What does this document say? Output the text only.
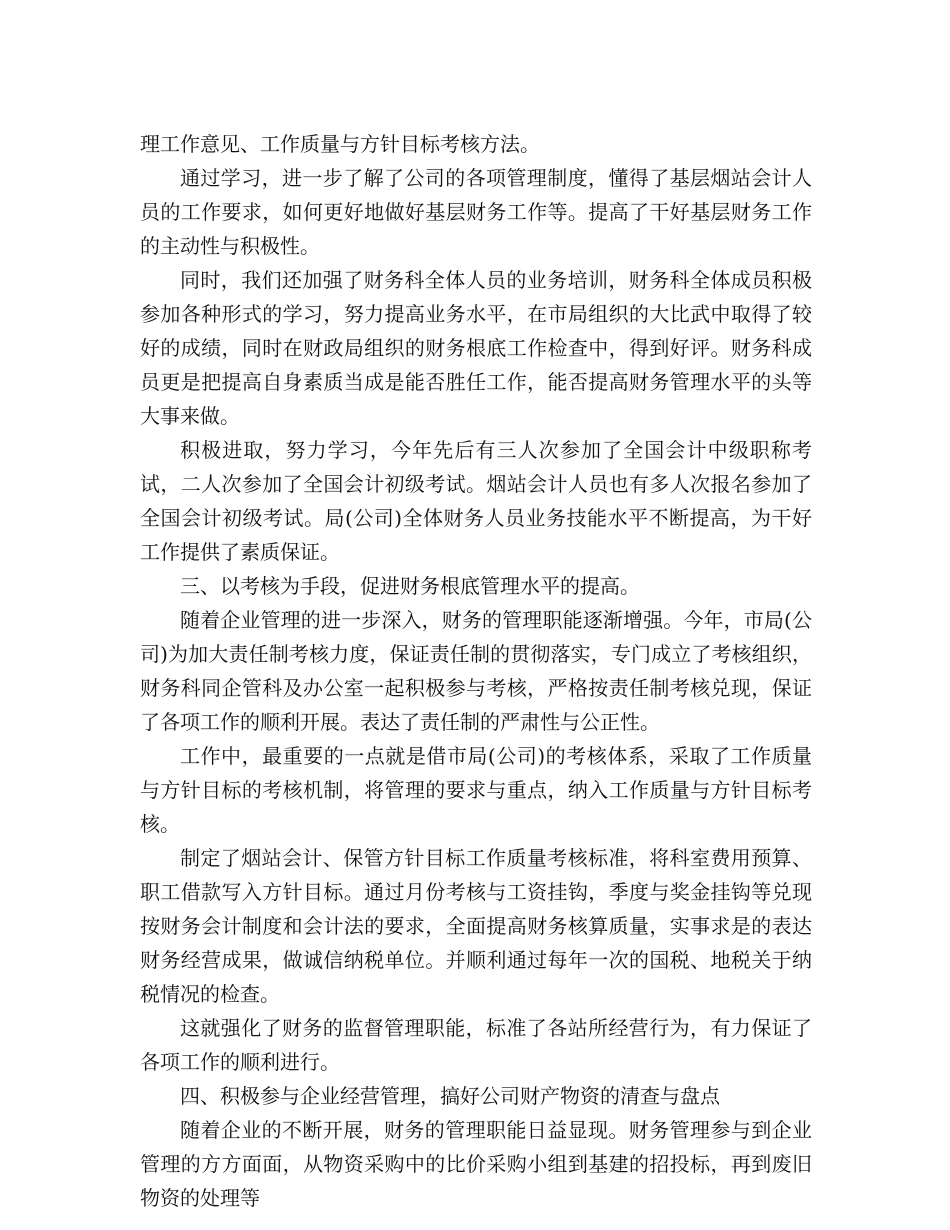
理工作意见、工作质量与方针目标考核方法。

通过学习，进一步了解了公司的各项管理制度，懂得了基层烟站会计人员的工作要求，如何更好地做好基层财务工作等。提高了干好基层财务工作的主动性与积极性。

同时，我们还加强了财务科全体人员的业务培训，财务科全体成员积极参加各种形式的学习，努力提高业务水平，在市局组织的大比武中取得了较好的成绩，同时在财政局组织的财务根底工作检查中，得到好评。财务科成员更是把提高自身素质当成是能否胜任工作，能否提高财务管理水平的头等大事来做。

积极进取，努力学习，今年先后有三人次参加了全国会计中级职称考试，二人次参加了全国会计初级考试。烟站会计人员也有多人次报名参加了全国会计初级考试。局(公司)全体财务人员业务技能水平不断提高，为干好工作提供了素质保证。

三、以考核为手段，促进财务根底管理水平的提高。

随着企业管理的进一步深入，财务的管理职能逐渐增强。今年，市局(公司)为加大责任制考核力度，保证责任制的贯彻落实，专门成立了考核组织，财务科同企管科及办公室一起积极参与考核，严格按责任制考核兑现，保证了各项工作的顺利开展。表达了责任制的严肃性与公正性。

工作中，最重要的一点就是借市局(公司)的考核体系，采取了工作质量与方针目标的考核机制，将管理的要求与重点，纳入工作质量与方针目标考核。

制定了烟站会计、保管方针目标工作质量考核标准，将科室费用预算、职工借款写入方针目标。通过月份考核与工资挂钩，季度与奖金挂钩等兑现按财务会计制度和会计法的要求，全面提高财务核算质量，实事求是的表达财务经营成果，做诚信纳税单位。并顺利通过每年一次的国税、地税关于纳税情况的检查。

这就强化了财务的监督管理职能，标准了各站所经营行为，有力保证了各项工作的顺利进行。

四、积极参与企业经营管理，搞好公司财产物资的清查与盘点

随着企业的不断开展，财务的管理职能日益显现。财务管理参与到企业管理的方方面面，从物资采购中的比价采购小组到基建的招投标，再到废旧物资的处理等
